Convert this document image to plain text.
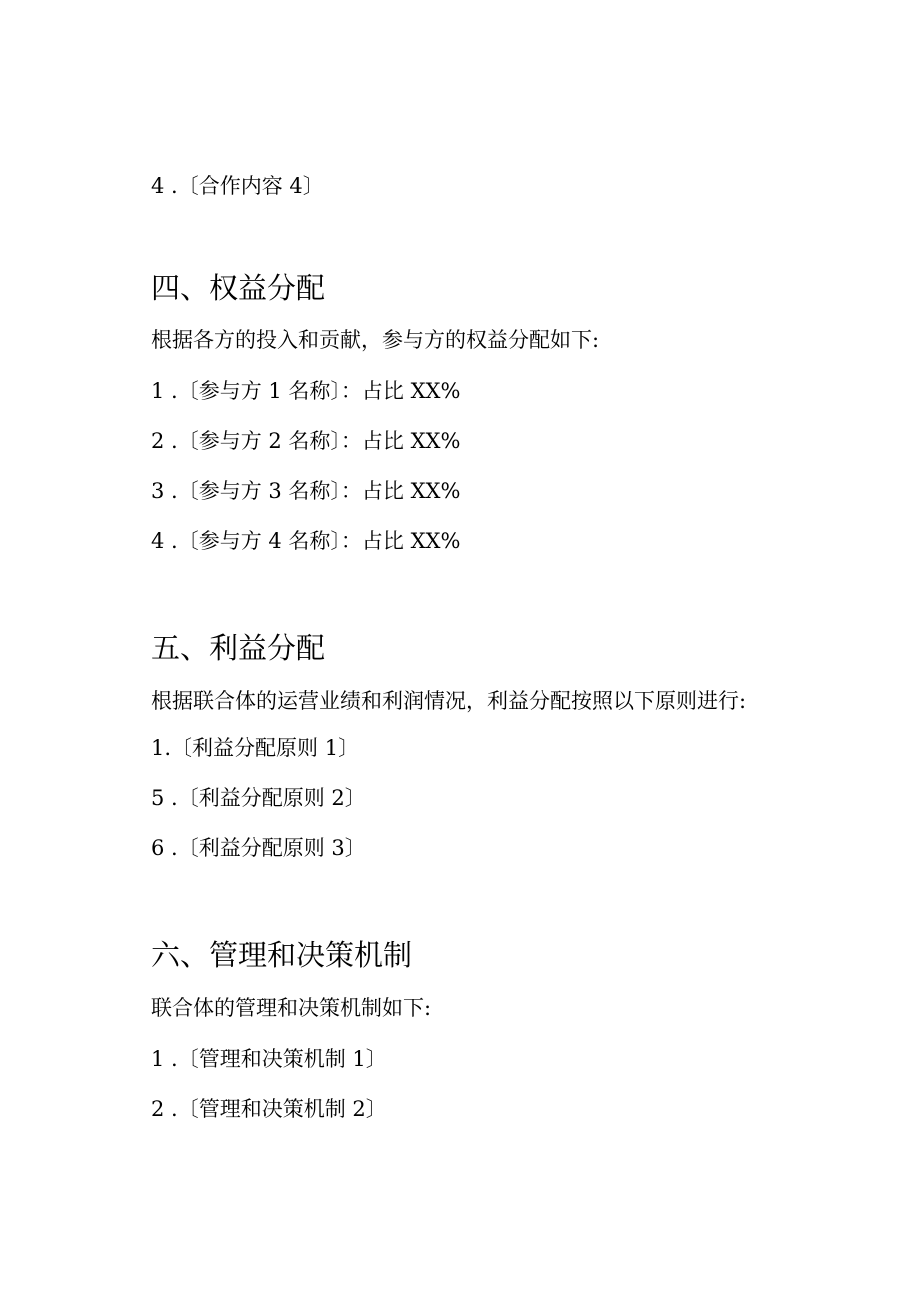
4 .〔合作内容 4〕

四、权益分配

根据各方的投入和贡献，参与方的权益分配如下:

1 .〔参与方 1 名称〕：占比 XX%

2 .〔参与方 2 名称〕：占比 XX%

3 .〔参与方 3 名称〕：占比 XX%

4 .〔参与方 4 名称〕：占比 XX%

五、利益分配

根据联合体的运营业绩和利润情况，利益分配按照以下原则进行:

1.〔利益分配原则 1〕

5 .〔利益分配原则 2〕

6 .〔利益分配原则 3〕

六、管理和决策机制

联合体的管理和决策机制如下:

1 .〔管理和决策机制 1〕

2 .〔管理和决策机制 2〕
